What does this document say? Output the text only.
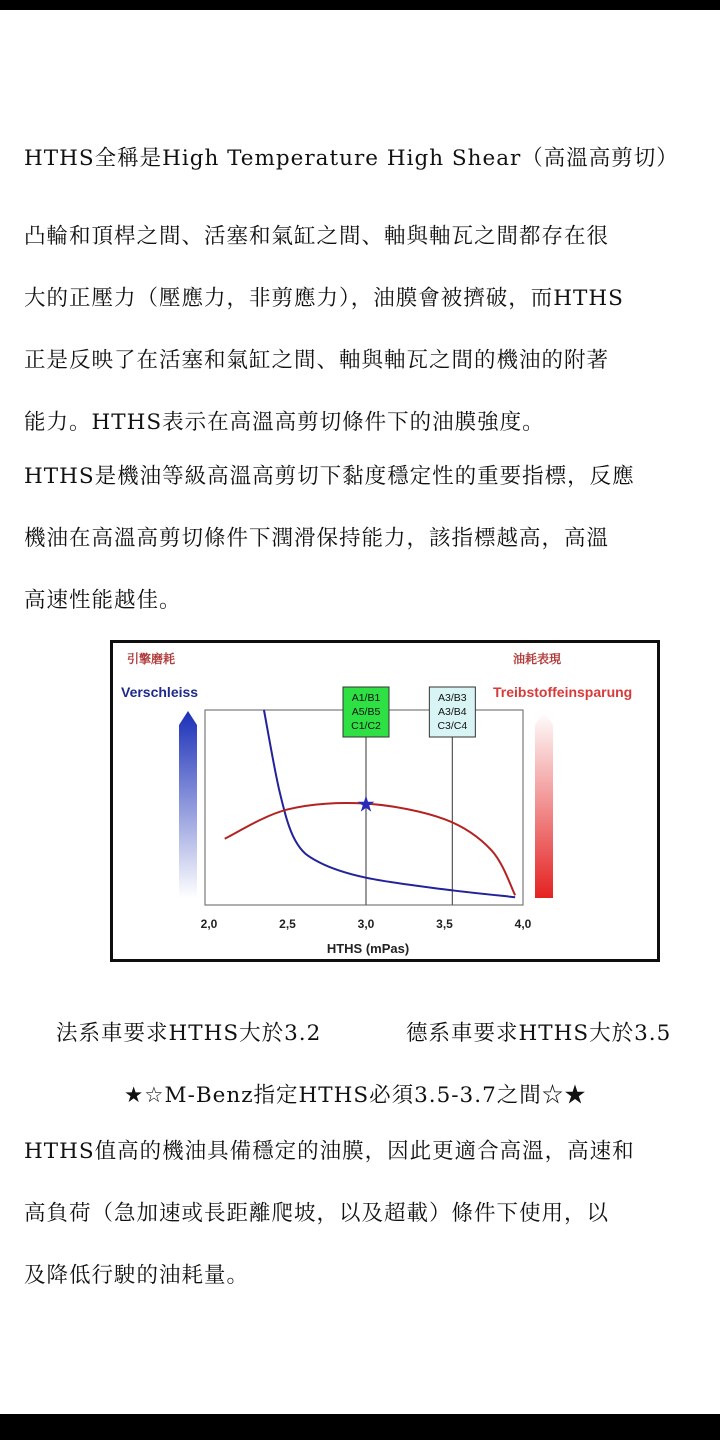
HTHS全稱是High Temperature High Shear（高溫高剪切）

凸輪和頂桿之間、活塞和氣缸之間、軸與軸瓦之間都存在很
大的正壓力（壓應力，非剪應力），油膜會被擠破，而HTHS
正是反映了在活塞和氣缸之間、軸與軸瓦之間的機油的附著
能力。HTHS表示在高溫高剪切條件下的油膜強度。
HTHS是機油等級高溫高剪切下黏度穩定性的重要指標，反應
機油在高溫高剪切條件下潤滑保持能力，該指標越高，高溫
高速性能越佳。
引擎磨耗	油耗表現
Verschleiss	Treibstoffeinsparung
A1/B1
A5/B5
C1/C2
A3/B3
A3/B4
C3/C4
2,0	2,5	3,0	3,5	4,0
★
HTHS (mPas)
法系車要求HTHS大於3.2	德系車要求HTHS大於3.5
★☆M-Benz指定HTHS必須3.5-3.7之間☆★
HTHS值高的機油具備穩定的油膜，因此更適合高溫，高速和
高負荷（急加速或長距離爬坡，以及超載）條件下使用，以
及降低行駛的油耗量。
